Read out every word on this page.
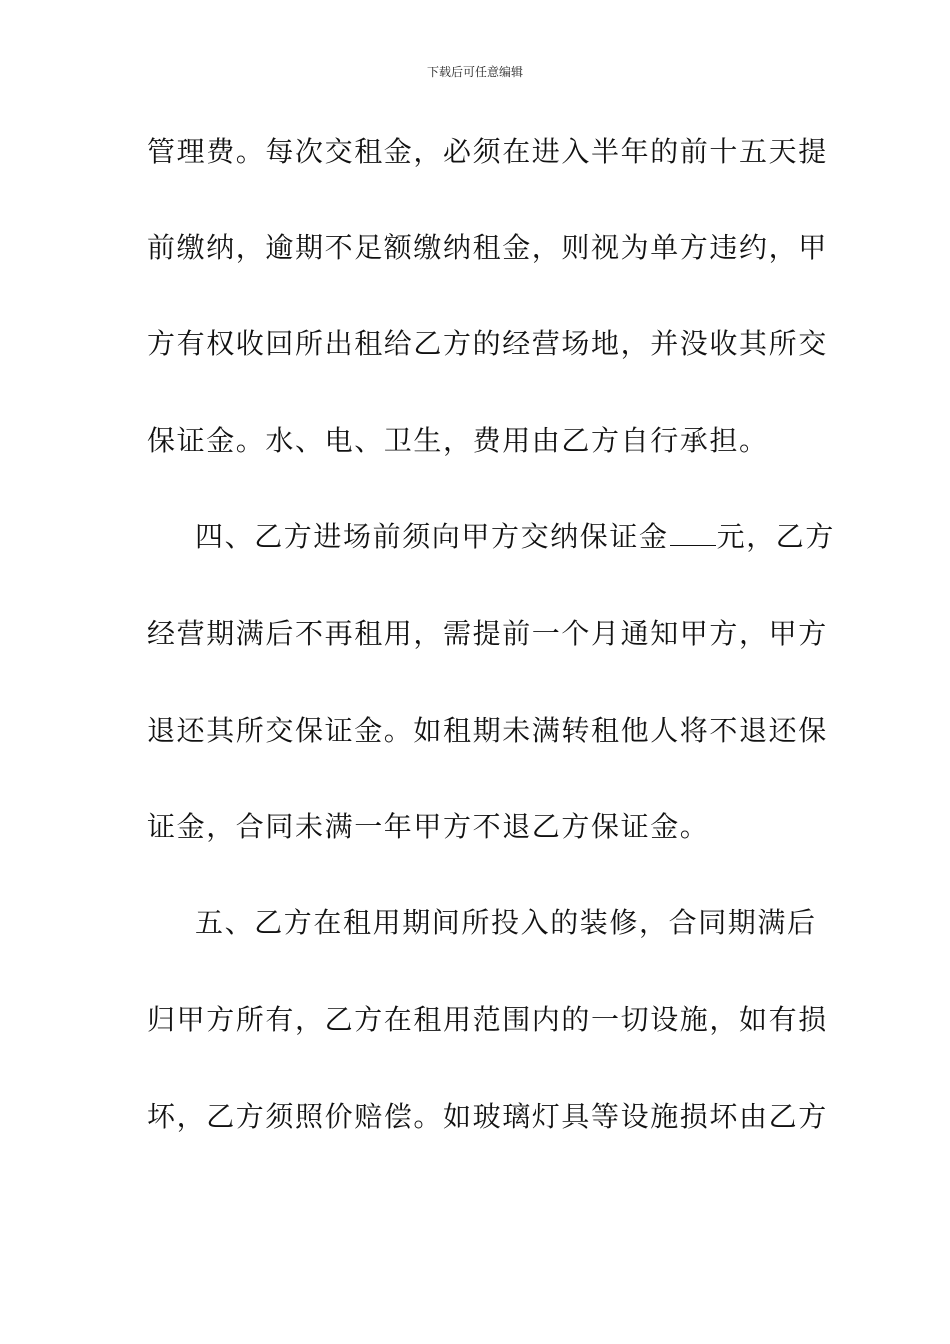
下载后可任意编辑
管理费。每次交租金，必须在进入半年的前十五天提
前缴纳，逾期不足额缴纳租金，则视为单方违约，甲
方有权收回所出租给乙方的经营场地，并没收其所交
保证金。水、电、卫生，费用由乙方自行承担。
四、乙方进场前须向甲方交纳保证金 元，乙方
经营期满后不再租用，需提前一个月通知甲方，甲方
退还其所交保证金。如租期未满转租他人将不退还保
证金，合同未满一年甲方不退乙方保证金。
五、乙方在租用期间所投入的装修，合同期满后
归甲方所有，乙方在租用范围内的一切设施，如有损
坏，乙方须照价赔偿。如玻璃灯具等设施损坏由乙方
